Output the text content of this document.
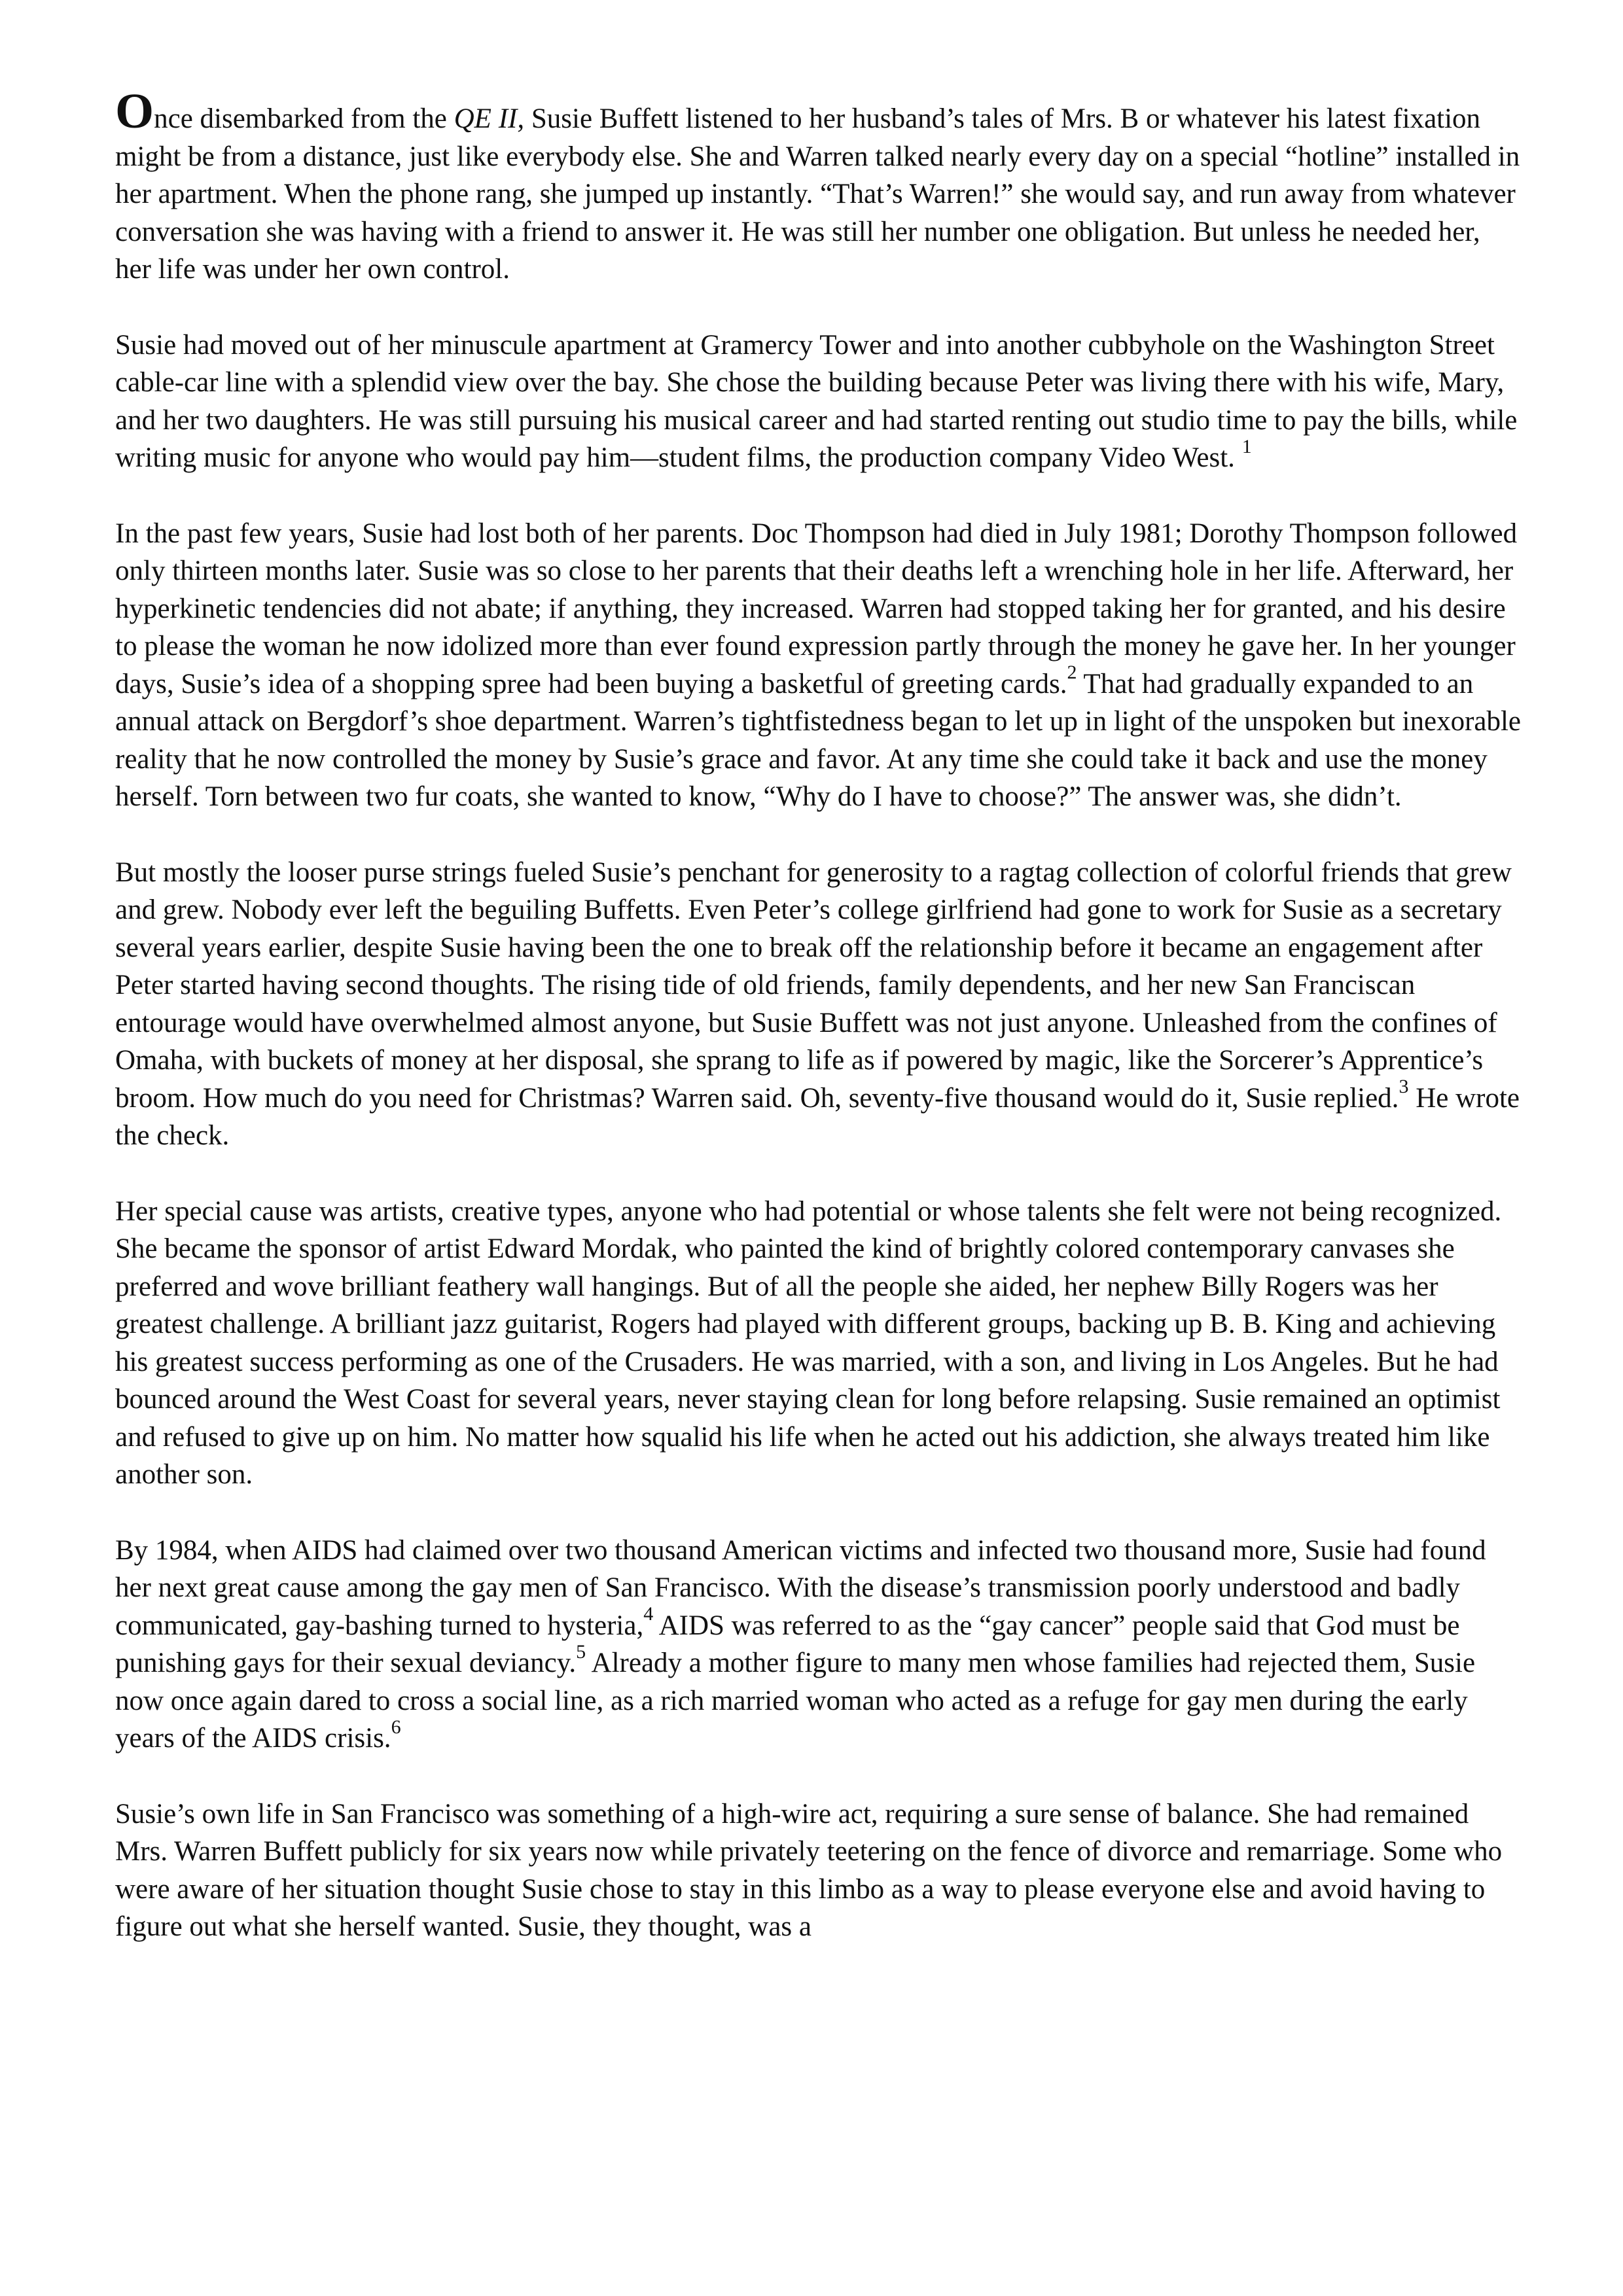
Once disembarked from the QE II, Susie Buffett listened to her husband’s tales of Mrs. B or whatever his latest fixation might be from a distance, just like everybody else. She and Warren talked nearly every day on a special “hotline” installed in her apartment. When the phone rang, she jumped up instantly. “That’s Warren!” she would say, and run away from whatever conversation she was having with a friend to answer it. He was still her number one obligation. But unless he needed her, her life was under her own control.

Susie had moved out of her minuscule apartment at Gramercy Tower and into another cubbyhole on the Washington Street cable-car line with a splendid view over the bay. She chose the building because Peter was living there with his wife, Mary, and her two daughters. He was still pursuing his musical career and had started renting out studio time to pay the bills, while writing music for anyone who would pay him—student films, the production company Video West. $^1$

In the past few years, Susie had lost both of her parents. Doc Thompson had died in July 1981; Dorothy Thompson followed only thirteen months later. Susie was so close to her parents that their deaths left a wrenching hole in her life. Afterward, her hyperkinetic tendencies did not abate; if anything, they increased. Warren had stopped taking her for granted, and his desire to please the woman he now idolized more than ever found expression partly through the money he gave her. In her younger days, Susie’s idea of a shopping spree had been buying a basketful of greeting cards.$^2$ That had gradually expanded to an annual attack on Bergdorf’s shoe department. Warren’s tightfistedness began to let up in light of the unspoken but inexorable reality that he now controlled the money by Susie’s grace and favor. At any time she could take it back and use the money herself. Torn between two fur coats, she wanted to know, “Why do I have to choose?” The answer was, she didn’t.

But mostly the looser purse strings fueled Susie’s penchant for generosity to a ragtag collection of colorful friends that grew and grew. Nobody ever left the beguiling Buffetts. Even Peter’s college girlfriend had gone to work for Susie as a secretary several years earlier, despite Susie having been the one to break off the relationship before it became an engagement after Peter started having second thoughts. The rising tide of old friends, family dependents, and her new San Franciscan entourage would have overwhelmed almost anyone, but Susie Buffett was not just anyone. Unleashed from the confines of Omaha, with buckets of money at her disposal, she sprang to life as if powered by magic, like the Sorcerer’s Apprentice’s broom. How much do you need for Christmas? Warren said. Oh, seventy-five thousand would do it, Susie replied.$^3$ He wrote the check.

Her special cause was artists, creative types, anyone who had potential or whose talents she felt were not being recognized. She became the sponsor of artist Edward Mordak, who painted the kind of brightly colored contemporary canvases she preferred and wove brilliant feathery wall hangings. But of all the people she aided, her nephew Billy Rogers was her greatest challenge. A brilliant jazz guitarist, Rogers had played with different groups, backing up B. B. King and achieving his greatest success performing as one of the Crusaders. He was married, with a son, and living in Los Angeles. But he had bounced around the West Coast for several years, never staying clean for long before relapsing. Susie remained an optimist and refused to give up on him. No matter how squalid his life when he acted out his addiction, she always treated him like another son.

By 1984, when AIDS had claimed over two thousand American victims and infected two thousand more, Susie had found her next great cause among the gay men of San Francisco. With the disease’s transmission poorly understood and badly communicated, gay-bashing turned to hysteria,$^4$ AIDS was referred to as the “gay cancer” people said that God must be punishing gays for their sexual deviancy.$^5$ Already a mother figure to many men whose families had rejected them, Susie now once again dared to cross a social line, as a rich married woman who acted as a refuge for gay men during the early years of the AIDS crisis.$^6$

Susie’s own life in San Francisco was something of a high-wire act, requiring a sure sense of balance. She had remained Mrs. Warren Buffett publicly for six years now while privately teetering on the fence of divorce and remarriage. Some who were aware of her situation thought Susie chose to stay in this limbo as a way to please everyone else and avoid having to figure out what she herself wanted. Susie, they thought, was a
